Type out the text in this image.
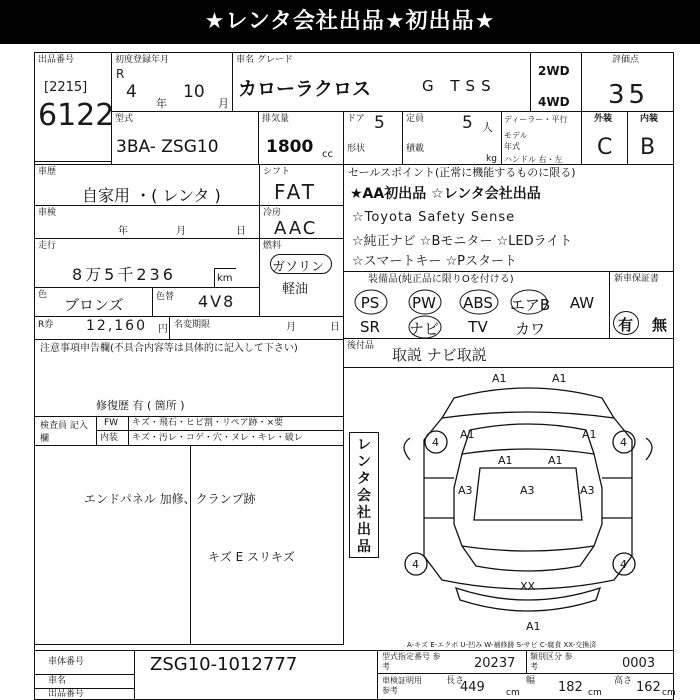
★レンタ会社出品★初出品★
出品番号
[2215]
6122
初度登録年月
R
4
年
10
月
車名 グレード
カローラクロス	G TSS
2WD
4WD
評価点
35
型式
3BA- ZSG10
排気量
1800 cc
ドア 5
形状
定員 5 人
積載
kg
ディーラー・平行
モデル 年式
ハンドル 右・左
外装	内装
C B
車歴
自家用 ・( レンタ )
車検
年	月	日
走行
8万5千236	km
色
ブロンズ	色替 4V8
シフト
FAT
冷房
AAC
燃料
ガソリン
軽油
R券 12,160 円 名変期限	月	日
セールスポイント(正常に機能するものに限る)
★AA初出品 ☆レンタ会社出品
☆Toyota Safety Sense
☆純正ナビ ☆Bモニター ☆LEDライト
☆スマートキー ☆Pスタート
装備品(純正品に限りOを付ける)
PS	PW	ABS	エアB	AW
SR	ナビ	TV	カワ
新車保証書
有 無
後付品 取説 ナビ取説
注意事項申告欄(不具合内容等は具体的に記入して下さい)
修復歴 有 ( 箇所 )
検査員 記入欄
FW キズ・飛石・ヒビ割・リペア跡・×要
内装 キズ・汚レ・コゲ・穴・ヌレ・キレ・破レ
エンドパネル 加修、クランプ跡
キズ E スリキズ
レンタ会社出品
A1	A1
A1	A1
A1	A1
A3	A3	A3
XX
A1
4	4
4	4
A-キズ E-エクボ U-凹み W-補修跡 S-サビ C-腐食 XX-交換済
車体番号
車名
出品番号
ZSG10-1012777	型式指定番号 参考	20237 類別区分 参考	0003
車検証明用 参考
長さ
449 cm
幅 182 cm
高さ 162 cm
